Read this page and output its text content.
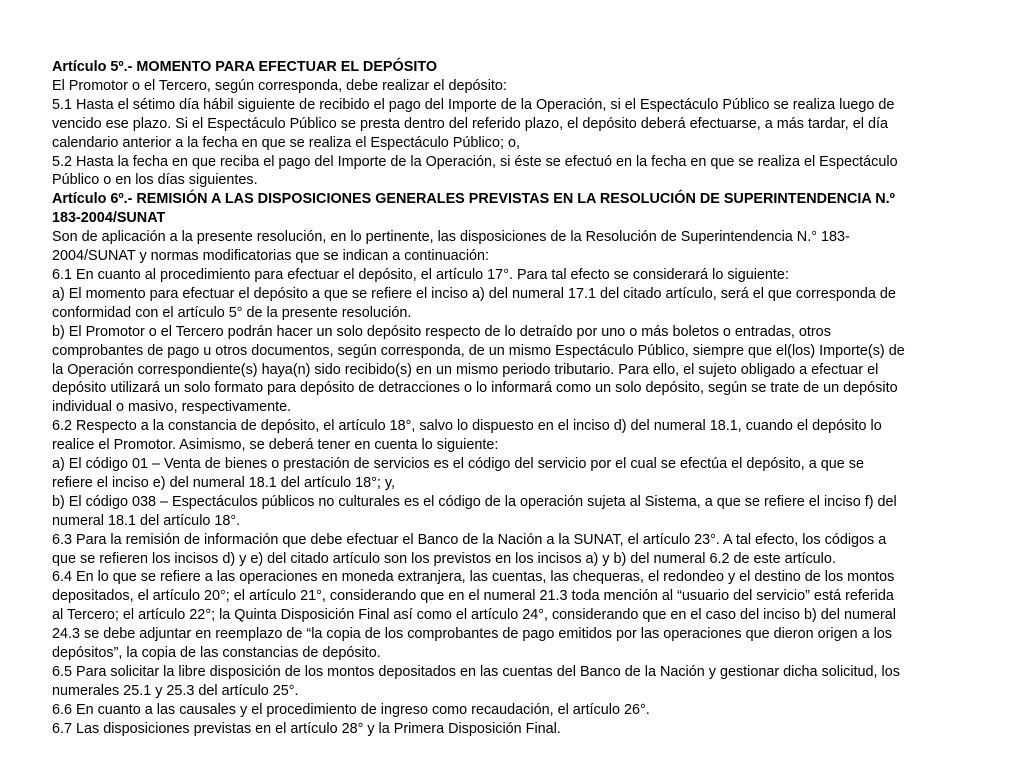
Artículo 5º.- MOMENTO PARA EFECTUAR EL DEPÓSITO
El Promotor o el Tercero, según corresponda, debe realizar el depósito:
5.1 Hasta el sétimo día hábil siguiente de recibido el pago del Importe de la Operación, si el Espectáculo Público se realiza luego de
vencido ese plazo. Si el Espectáculo Público se presta dentro del referido plazo, el depósito deberá efectuarse, a más tardar, el día
calendario anterior a la fecha en que se realiza el Espectáculo Público; o,
5.2 Hasta la fecha en que reciba el pago del Importe de la Operación, si éste se efectuó en la fecha en que se realiza el Espectáculo
Público o en los días siguientes.
Artículo 6º.- REMISIÓN A LAS DISPOSICIONES GENERALES PREVISTAS EN LA RESOLUCIÓN DE SUPERINTENDENCIA N.º
183-2004/SUNAT
Son de aplicación a la presente resolución, en lo pertinente, las disposiciones de la Resolución de Superintendencia N.° 183-
2004/SUNAT y normas modificatorias que se indican a continuación:
6.1 En cuanto al procedimiento para efectuar el depósito, el artículo 17°. Para tal efecto se considerará lo siguiente:
a) El momento para efectuar el depósito a que se refiere el inciso a) del numeral 17.1 del citado artículo, será el que corresponda de
conformidad con el artículo 5° de la presente resolución.
b) El Promotor o el Tercero podrán hacer un solo depósito respecto de lo detraído por uno o más boletos o entradas, otros
comprobantes de pago u otros documentos, según corresponda, de un mismo Espectáculo Público, siempre que el(los) Importe(s) de
la Operación correspondiente(s) haya(n) sido recibido(s) en un mismo periodo tributario. Para ello, el sujeto obligado a efectuar el
depósito utilizará un solo formato para depósito de detracciones o lo informará como un solo depósito, según se trate de un depósito
individual o masivo, respectivamente.
6.2 Respecto a la constancia de depósito, el artículo 18°, salvo lo dispuesto en el inciso d) del numeral 18.1, cuando el depósito lo
realice el Promotor. Asimismo, se deberá tener en cuenta lo siguiente:
a) El código 01 – Venta de bienes o prestación de servicios es el código del servicio por el cual se efectúa el depósito, a que se
refiere el inciso e) del numeral 18.1 del artículo 18°; y,
b) El código 038 – Espectáculos públicos no culturales es el código de la operación sujeta al Sistema, a que se refiere el inciso f) del
numeral 18.1 del artículo 18°.
6.3 Para la remisión de información que debe efectuar el Banco de la Nación a la SUNAT, el artículo 23°. A tal efecto, los códigos a
que se refieren los incisos d) y e) del citado artículo son los previstos en los incisos a) y b) del numeral 6.2 de este artículo.
6.4 En lo que se refiere a las operaciones en moneda extranjera, las cuentas, las chequeras, el redondeo y el destino de los montos
depositados, el artículo 20°; el artículo 21°, considerando que en el numeral 21.3 toda mención al “usuario del servicio” está referida
al Tercero; el artículo 22°; la Quinta Disposición Final así como el artículo 24°, considerando que en el caso del inciso b) del numeral
24.3 se debe adjuntar en reemplazo de “la copia de los comprobantes de pago emitidos por las operaciones que dieron origen a los
depósitos”, la copia de las constancias de depósito.
6.5 Para solicitar la libre disposición de los montos depositados en las cuentas del Banco de la Nación y gestionar dicha solicitud, los
numerales 25.1 y 25.3 del artículo 25°.
6.6 En cuanto a las causales y el procedimiento de ingreso como recaudación, el artículo 26°.
6.7 Las disposiciones previstas en el artículo 28° y la Primera Disposición Final.
